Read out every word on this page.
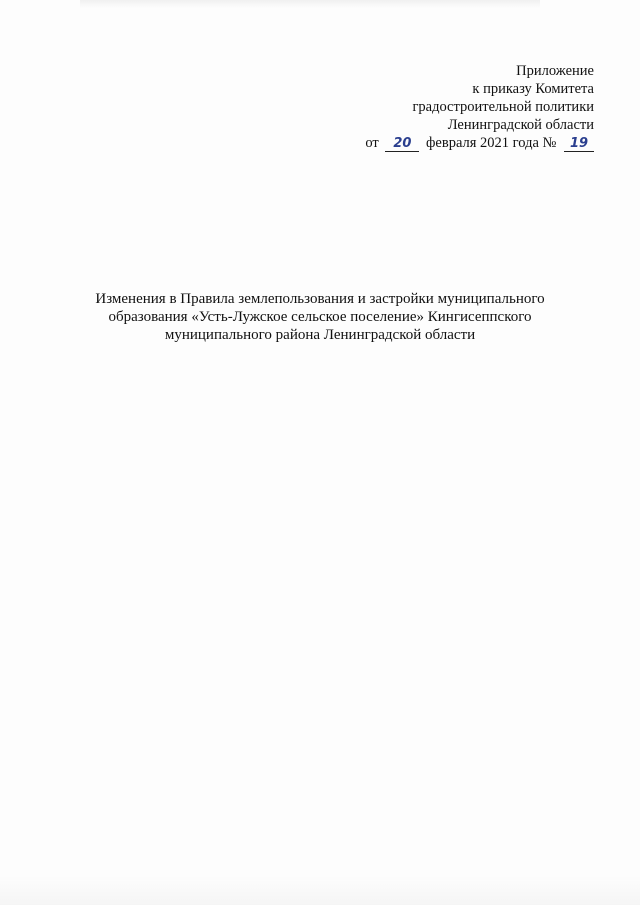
Приложение
к приказу Комитета
градостроительной политики
Ленинградской области
от 20 февраля 2021 года № 19
Изменения в Правила землепользования и застройки муниципального
образования «Усть-Лужское сельское поселение» Кингисеппского
муниципального района Ленинградской области
